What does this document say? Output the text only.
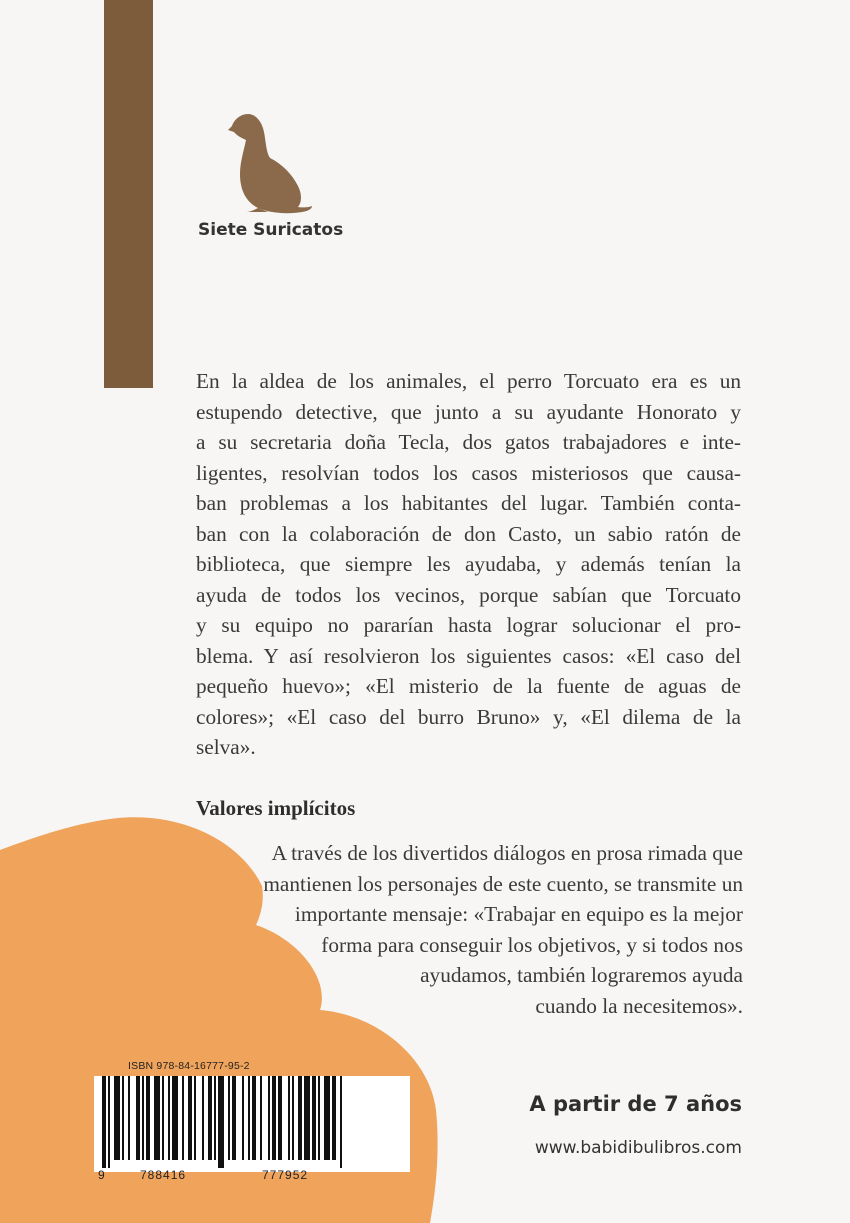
Siete Suricatos
En la aldea de los animales, el perro Torcuato era es un
estupendo detective, que junto a su ayudante Honorato y
a su secretaria doña Tecla, dos gatos trabajadores e inte-
ligentes, resolvían todos los casos misteriosos que causa-
ban problemas a los habitantes del lugar. También conta-
ban con la colaboración de don Casto, un sabio ratón de
biblioteca, que siempre les ayudaba, y además tenían la
ayuda de todos los vecinos, porque sabían que Torcuato
y su equipo no pararían hasta lograr solucionar el pro-
blema. Y así resolvieron los siguientes casos: «El caso del
pequeño huevo»; «El misterio de la fuente de aguas de
colores»; «El caso del burro Bruno» y, «El dilema de la
selva».
Valores implícitos
A través de los divertidos diálogos en prosa rimada que
mantienen los personajes de este cuento, se transmite un
importante mensaje: «Trabajar en equipo es la mejor
forma para conseguir los objetivos, y si todos nos
ayudamos, también lograremos ayuda
cuando la necesitemos».
ISBN 978-84-16777-95-2
9	788416	777952
A partir de 7 años
www.babidibulibros.com
